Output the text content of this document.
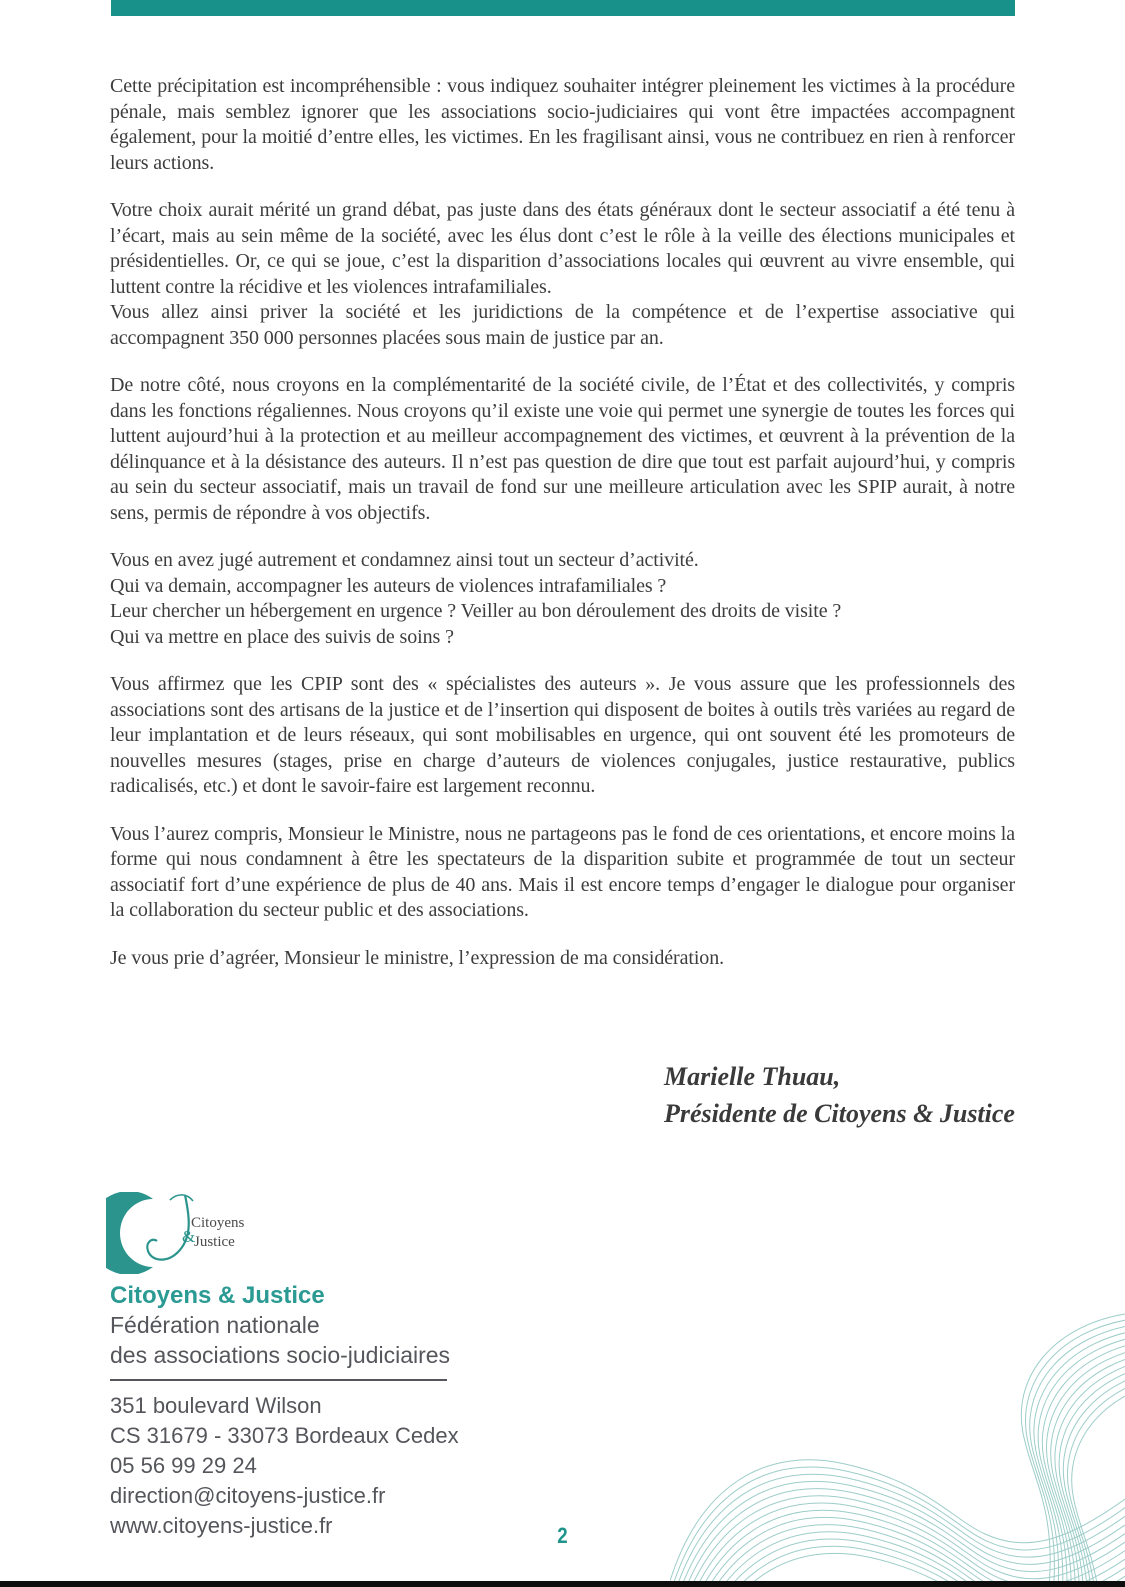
Cette précipitation est incompréhensible : vous indiquez souhaiter intégrer pleinement les victimes à la procédure pénale, mais semblez ignorer que les associations socio-judiciaires qui vont être impactées accompagnent également, pour la moitié d’entre elles, les victimes. En les fragilisant ainsi, vous ne contribuez en rien à renforcer leurs actions.

Votre choix aurait mérité un grand débat, pas juste dans des états généraux dont le secteur associatif a été tenu à l’écart, mais au sein même de la société, avec les élus dont c’est le rôle à la veille des élections municipales et présidentielles. Or, ce qui se joue, c’est la disparition d’associations locales qui œuvrent au vivre ensemble, qui luttent contre la récidive et les violences intrafamiliales.

Vous allez ainsi priver la société et les juridictions de la compétence et de l’expertise associative qui accompagnent 350 000 personnes placées sous main de justice par an.

De notre côté, nous croyons en la complémentarité de la société civile, de l’État et des collectivités, y compris dans les fonctions régaliennes. Nous croyons qu’il existe une voie qui permet une synergie de toutes les forces qui luttent aujourd’hui à la protection et au meilleur accompagnement des victimes, et œuvrent à la prévention de la délinquance et à la désistance des auteurs. Il n’est pas question de dire que tout est parfait aujourd’hui, y compris au sein du secteur associatif, mais un travail de fond sur une meilleure articulation avec les SPIP aurait, à notre sens, permis de répondre à vos objectifs.

Vous en avez jugé autrement et condamnez ainsi tout un secteur d’activité.

Qui va demain, accompagner les auteurs de violences intrafamiliales ?

Leur chercher un hébergement en urgence ? Veiller au bon déroulement des droits de visite ?

Qui va mettre en place des suivis de soins ?

Vous affirmez que les CPIP sont des « spécialistes des auteurs ». Je vous assure que les professionnels des associations sont des artisans de la justice et de l’insertion qui disposent de boites à outils très variées au regard de leur implantation et de leurs réseaux, qui sont mobilisables en urgence, qui ont souvent été les promoteurs de nouvelles mesures (stages, prise en charge d’auteurs de violences conjugales, justice restaurative, publics radicalisés, etc.) et dont le savoir-faire est largement reconnu.

Vous l’aurez compris, Monsieur le Ministre, nous ne partageons pas le fond de ces orientations, et encore moins la forme qui nous condamnent à être les spectateurs de la disparition subite et programmée de tout un secteur associatif fort d’une expérience de plus de 40 ans. Mais il est encore temps d’engager le dialogue pour organiser la collaboration du secteur public et des associations.

Je vous prie d’agréer, Monsieur le ministre, l’expression de ma considération.

Marielle Thuau,
Présidente de Citoyens & Justice
Citoyens
&
Justice
Citoyens & Justice
Fédération nationale
des associations socio-judiciaires
351 boulevard Wilson
CS 31679 - 33073 Bordeaux Cedex
05 56 99 29 24
direction@citoyens-justice.fr
www.citoyens-justice.fr	2
